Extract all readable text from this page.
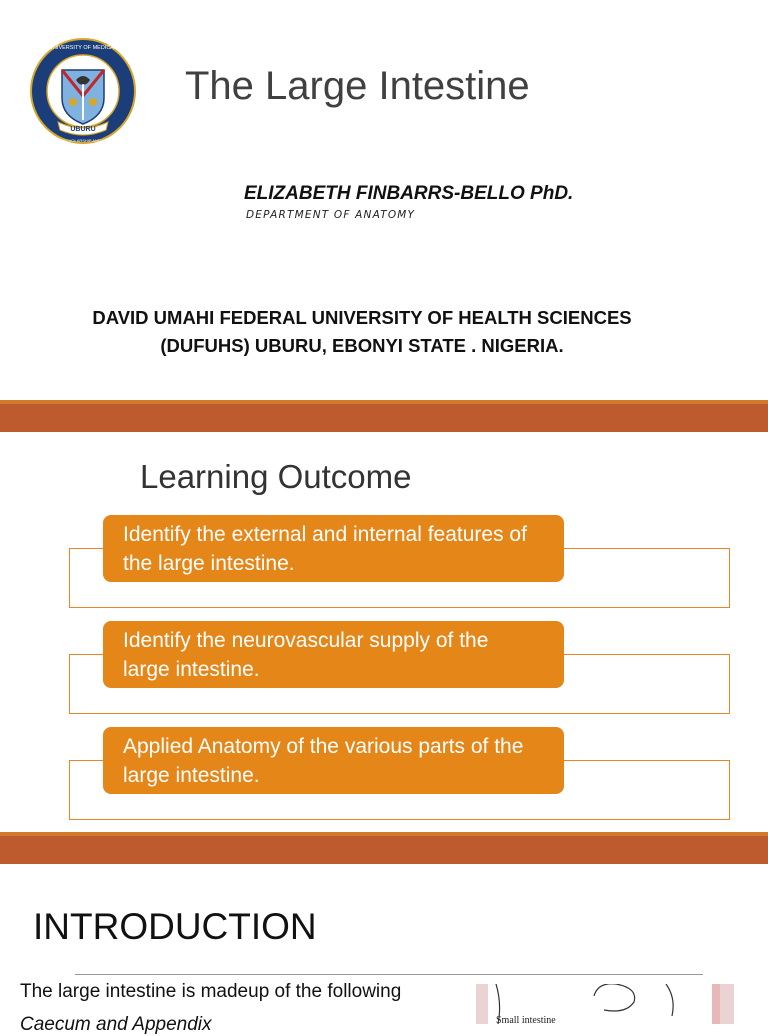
UBURU
UNIVERSITY OF MEDICAL
EXCELLENCE, SCHOLARSHIP AND PRODUCTIVITY
The Large Intestine
ELIZABETH FINBARRS-BELLO PhD.
DEPARTMENT OF ANATOMY
DAVID UMAHI FEDERAL UNIVERSITY OF HEALTH SCIENCES
(DUFUHS) UBURU, EBONYI STATE . NIGERIA.
Learning Outcome
Identify the external and internal features of
the large intestine.
Identify the neurovascular supply of the
large intestine.
Applied Anatomy of the various parts of the
large intestine.
INTRODUCTION
The large intestine is madeup of the following
Caecum and Appendix	Small intestine
